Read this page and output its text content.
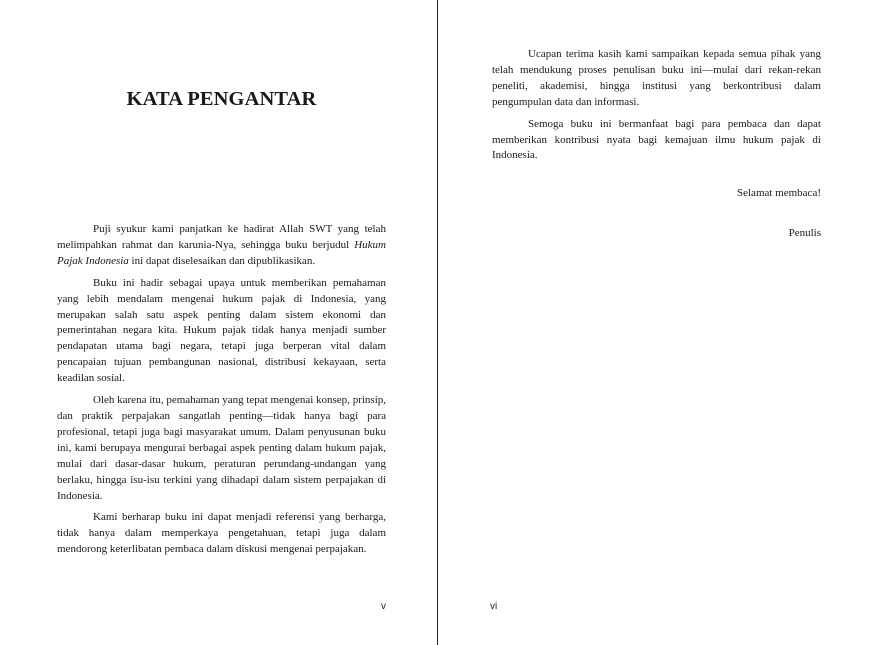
KATA PENGANTAR

Puji syukur kami panjatkan ke hadirat Allah SWT yang telah melimpahkan rahmat dan karunia-Nya, sehingga buku berjudul Hukum Pajak Indonesia ini dapat diselesaikan dan dipublikasikan.

Buku ini hadir sebagai upaya untuk memberikan pemahaman yang lebih mendalam mengenai hukum pajak di Indonesia, yang merupakan salah satu aspek penting dalam sistem ekonomi dan pemerintahan negara kita. Hukum pajak tidak hanya menjadi sumber pendapatan utama bagi negara, tetapi juga berperan vital dalam pencapaian tujuan pembangunan nasional, distribusi kekayaan, serta keadilan sosial.

Oleh karena itu, pemahaman yang tepat mengenai konsep, prinsip, dan praktik perpajakan sangatlah penting—tidak hanya bagi para profesional, tetapi juga bagi masyarakat umum. Dalam penyusunan buku ini, kami berupaya mengurai berbagai aspek penting dalam hukum pajak, mulai dari dasar-dasar hukum, peraturan perundang-undangan yang berlaku, hingga isu-isu terkini yang dihadapi dalam sistem perpajakan di Indonesia.

Kami berharap buku ini dapat menjadi referensi yang berharga, tidak hanya dalam memperkaya pengetahuan, tetapi juga dalam mendorong keterlibatan pembaca dalam diskusi mengenai perpajakan.

v

Ucapan terima kasih kami sampaikan kepada semua pihak yang telah mendukung proses penulisan buku ini—mulai dari rekan-rekan peneliti, akademisi, hingga institusi yang berkontribusi dalam pengumpulan data dan informasi.

Semoga buku ini bermanfaat bagi para pembaca dan dapat memberikan kontribusi nyata bagi kemajuan ilmu hukum pajak di Indonesia.

Selamat membaca!

Penulis

vi
